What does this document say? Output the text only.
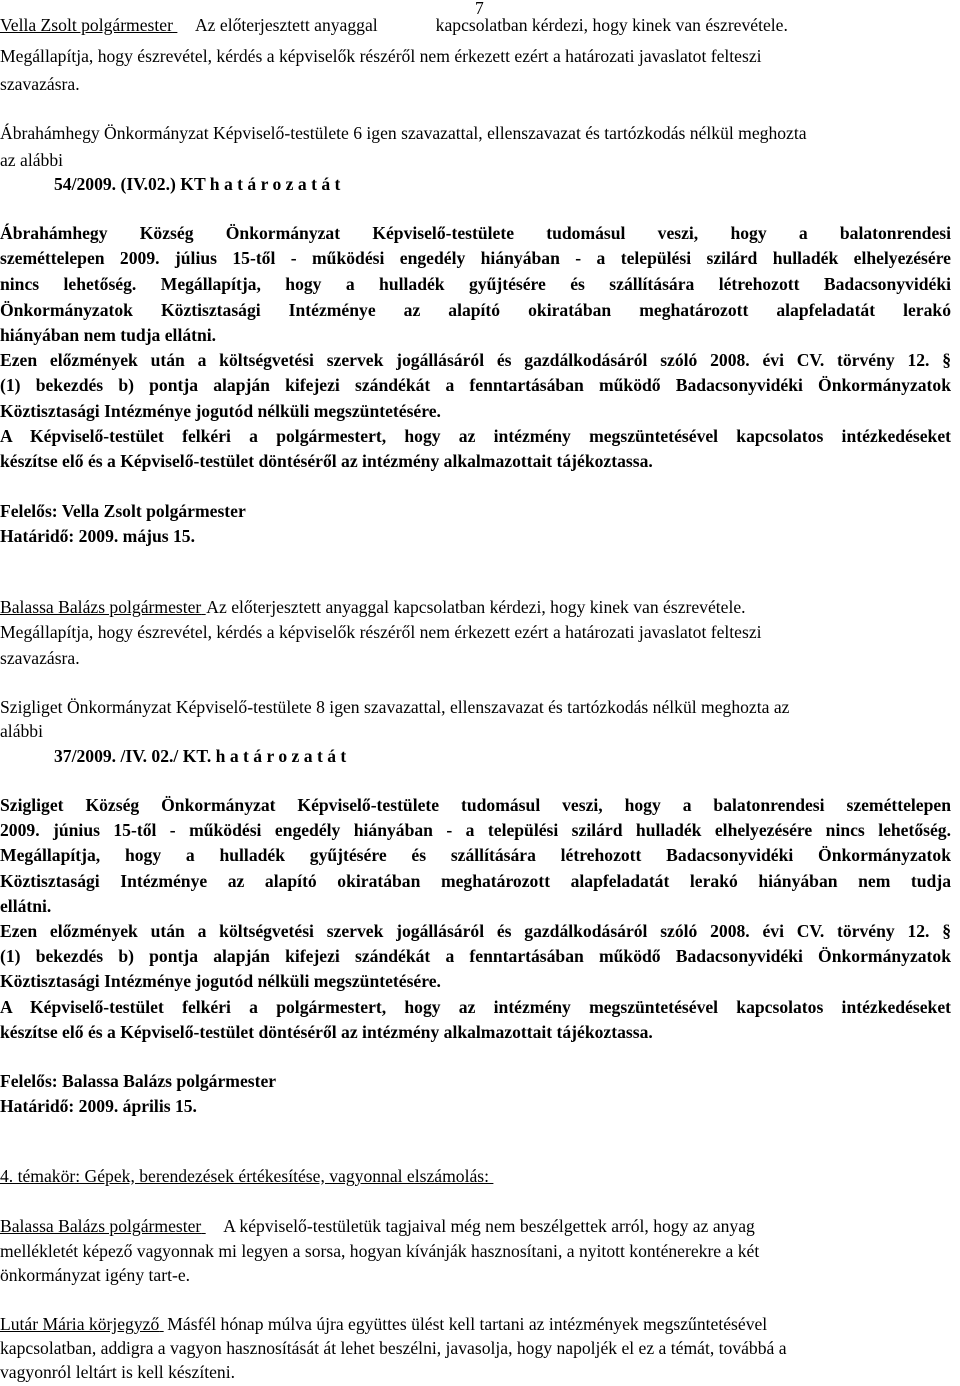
7
Vella Zsolt polgármester Az előterjesztett anyaggal	kapcsolatban kérdezi, hogy kinek van észrevétele.
Megállapítja, hogy észrevétel, kérdés a képviselők részéről nem érkezett ezért a határozati javaslatot felteszi
szavazásra.
Ábrahámhegy Önkormányzat Képviselő-testülete 6 igen szavazattal, ellenszavazat és tartózkodás nélkül meghozta
az alábbi
54/2009. (IV.02.) KT h a t á r o z a t á t
Ábrahámhegy Község Önkormányzat Képviselő-testülete tudomásul veszi, hogy a balatonrendesi
szeméttelepen 2009. július 15-től - működési engedély hiányában - a települési szilárd hulladék elhelyezésére
nincs lehetőség. Megállapítja, hogy a hulladék gyűjtésére és szállítására létrehozott Badacsonyvidéki
Önkormányzatok Köztisztasági Intézménye az alapító okiratában meghatározott alapfeladatát lerakó
hiányában nem tudja ellátni.
Ezen előzmények után a költségvetési szervek jogállásáról és gazdálkodásáról szóló 2008. évi CV. törvény 12. §
(1) bekezdés b) pontja alapján kifejezi szándékát a fenntartásában működő Badacsonyvidéki Önkormányzatok
Köztisztasági Intézménye jogutód nélküli megszüntetésére.
A Képviselő-testület felkéri a polgármestert, hogy az intézmény megszüntetésével kapcsolatos intézkedéseket
készítse elő és a Képviselő-testület döntéséről az intézmény alkalmazottait tájékoztassa.
Felelős: Vella Zsolt polgármester
Határidő: 2009. május 15.
Balassa Balázs polgármester Az előterjesztett anyaggal kapcsolatban kérdezi, hogy kinek van észrevétele.
Megállapítja, hogy észrevétel, kérdés a képviselők részéről nem érkezett ezért a határozati javaslatot felteszi
szavazásra.
Szigliget Önkormányzat Képviselő-testülete 8 igen szavazattal, ellenszavazat és tartózkodás nélkül meghozta az
alábbi
37/2009. /IV. 02./ KT. h a t á r o z a t á t
Szigliget Község Önkormányzat Képviselő-testülete tudomásul veszi, hogy a balatonrendesi szeméttelepen
2009. június 15-től - működési engedély hiányában - a települési szilárd hulladék elhelyezésére nincs lehetőség.
Megállapítja, hogy a hulladék gyűjtésére és szállítására létrehozott Badacsonyvidéki Önkormányzatok
Köztisztasági Intézménye az alapító okiratában meghatározott alapfeladatát lerakó hiányában nem tudja
ellátni.
Ezen előzmények után a költségvetési szervek jogállásáról és gazdálkodásáról szóló 2008. évi CV. törvény 12. §
(1) bekezdés b) pontja alapján kifejezi szándékát a fenntartásában működő Badacsonyvidéki Önkormányzatok
Köztisztasági Intézménye jogutód nélküli megszüntetésére.
A Képviselő-testület felkéri a polgármestert, hogy az intézmény megszüntetésével kapcsolatos intézkedéseket
készítse elő és a Képviselő-testület döntéséről az intézmény alkalmazottait tájékoztassa.
Felelős: Balassa Balázs polgármester
Határidő: 2009. április 15.
4. témakör: Gépek, berendezések értékesítése, vagyonnal elszámolás:
Balassa Balázs polgármester A képviselő-testületük tagjaival még nem beszélgettek arról, hogy az anyag
mellékletét képező vagyonnak mi legyen a sorsa, hogyan kívánják hasznosítani, a nyitott konténerekre a két
önkormányzat igény tart-e.
Lutár Mária körjegyző Másfél hónap múlva újra együttes ülést kell tartani az intézmények megszűntetésével
kapcsolatban, addigra a vagyon hasznosítását át lehet beszélni, javasolja, hogy napoljék el ez a témát, továbbá a
vagyonról leltárt is kell készíteni.
